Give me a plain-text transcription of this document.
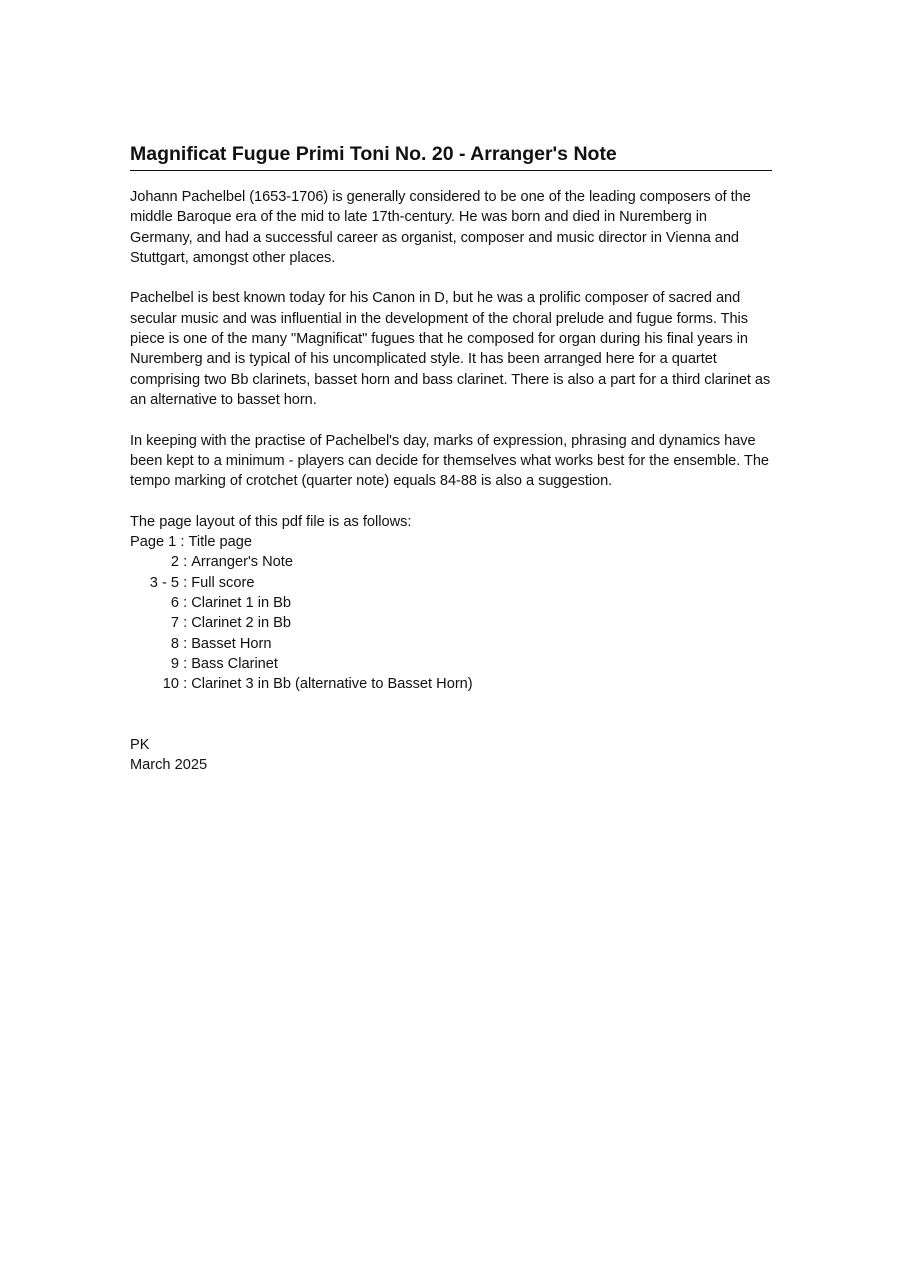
Magnificat Fugue Primi Toni No. 20 - Arranger's Note

Johann Pachelbel (1653-1706) is generally considered to be one of the leading composers of the middle Baroque era of the mid to late 17th-century. He was born and died in Nuremberg in Germany, and had a successful career as organist, composer and music director in Vienna and Stuttgart, amongst other places.

Pachelbel is best known today for his Canon in D, but he was a prolific composer of sacred and secular music and was influential in the development of the choral prelude and fugue forms. This piece is one of the many "Magnificat" fugues that he composed for organ during his final years in Nuremberg and is typical of his uncomplicated style. It has been arranged here for a quartet comprising two Bb clarinets, basset horn and bass clarinet. There is also a part for a third clarinet as an alternative to basset horn.

In keeping with the practise of Pachelbel's day, marks of expression, phrasing and dynamics have been kept to a minimum - players can decide for themselves what works best for the ensemble. The tempo marking of crotchet (quarter note) equals 84-88 is also a suggestion.

The page layout of this pdf file is as follows:

Page
1
:
Title page
2
:
Arranger's Note
3 - 5
:
Full score
6
:
Clarinet 1 in Bb
7
:
Clarinet 2 in Bb
8
:
Basset Horn
9
:
Bass Clarinet
10
:
Clarinet 3 in Bb (alternative to Basset Horn)
PK
March 2025
